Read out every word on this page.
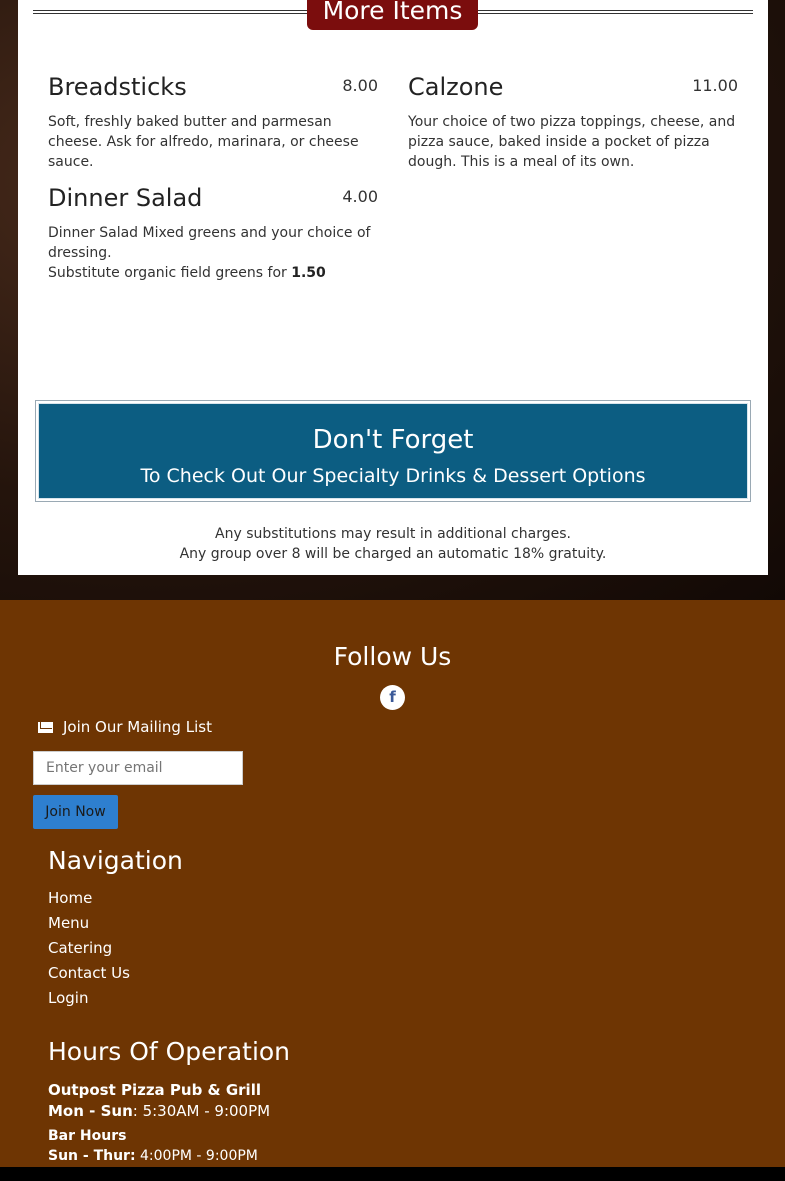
More Items
Breadsticks	8.00
Soft, freshly baked butter and parmesan cheese. Ask for alfredo, marinara, or cheese sauce.
Calzone	11.00
Your choice of two pizza toppings, cheese, and pizza sauce, baked inside a pocket of pizza dough. This is a meal of its own.
Dinner Salad	4.00
Dinner Salad Mixed greens and your choice of dressing.
Substitute organic field greens for 1.50
Don't Forget
To Check Out Our Specialty Drinks & Dessert Options
Any substitutions may result in additional charges.
Any group over 8 will be charged an automatic 18% gratuity.
Follow Us
f
Join Our Mailing List
Enter your email
Join Now
Navigation
Home
Menu
Catering
Contact Us
Login
Hours Of Operation
Outpost Pizza Pub & Grill
Mon - Sun: 5:30AM - 9:00PM
Bar Hours
Sun - Thur: 4:00PM - 9:00PM
